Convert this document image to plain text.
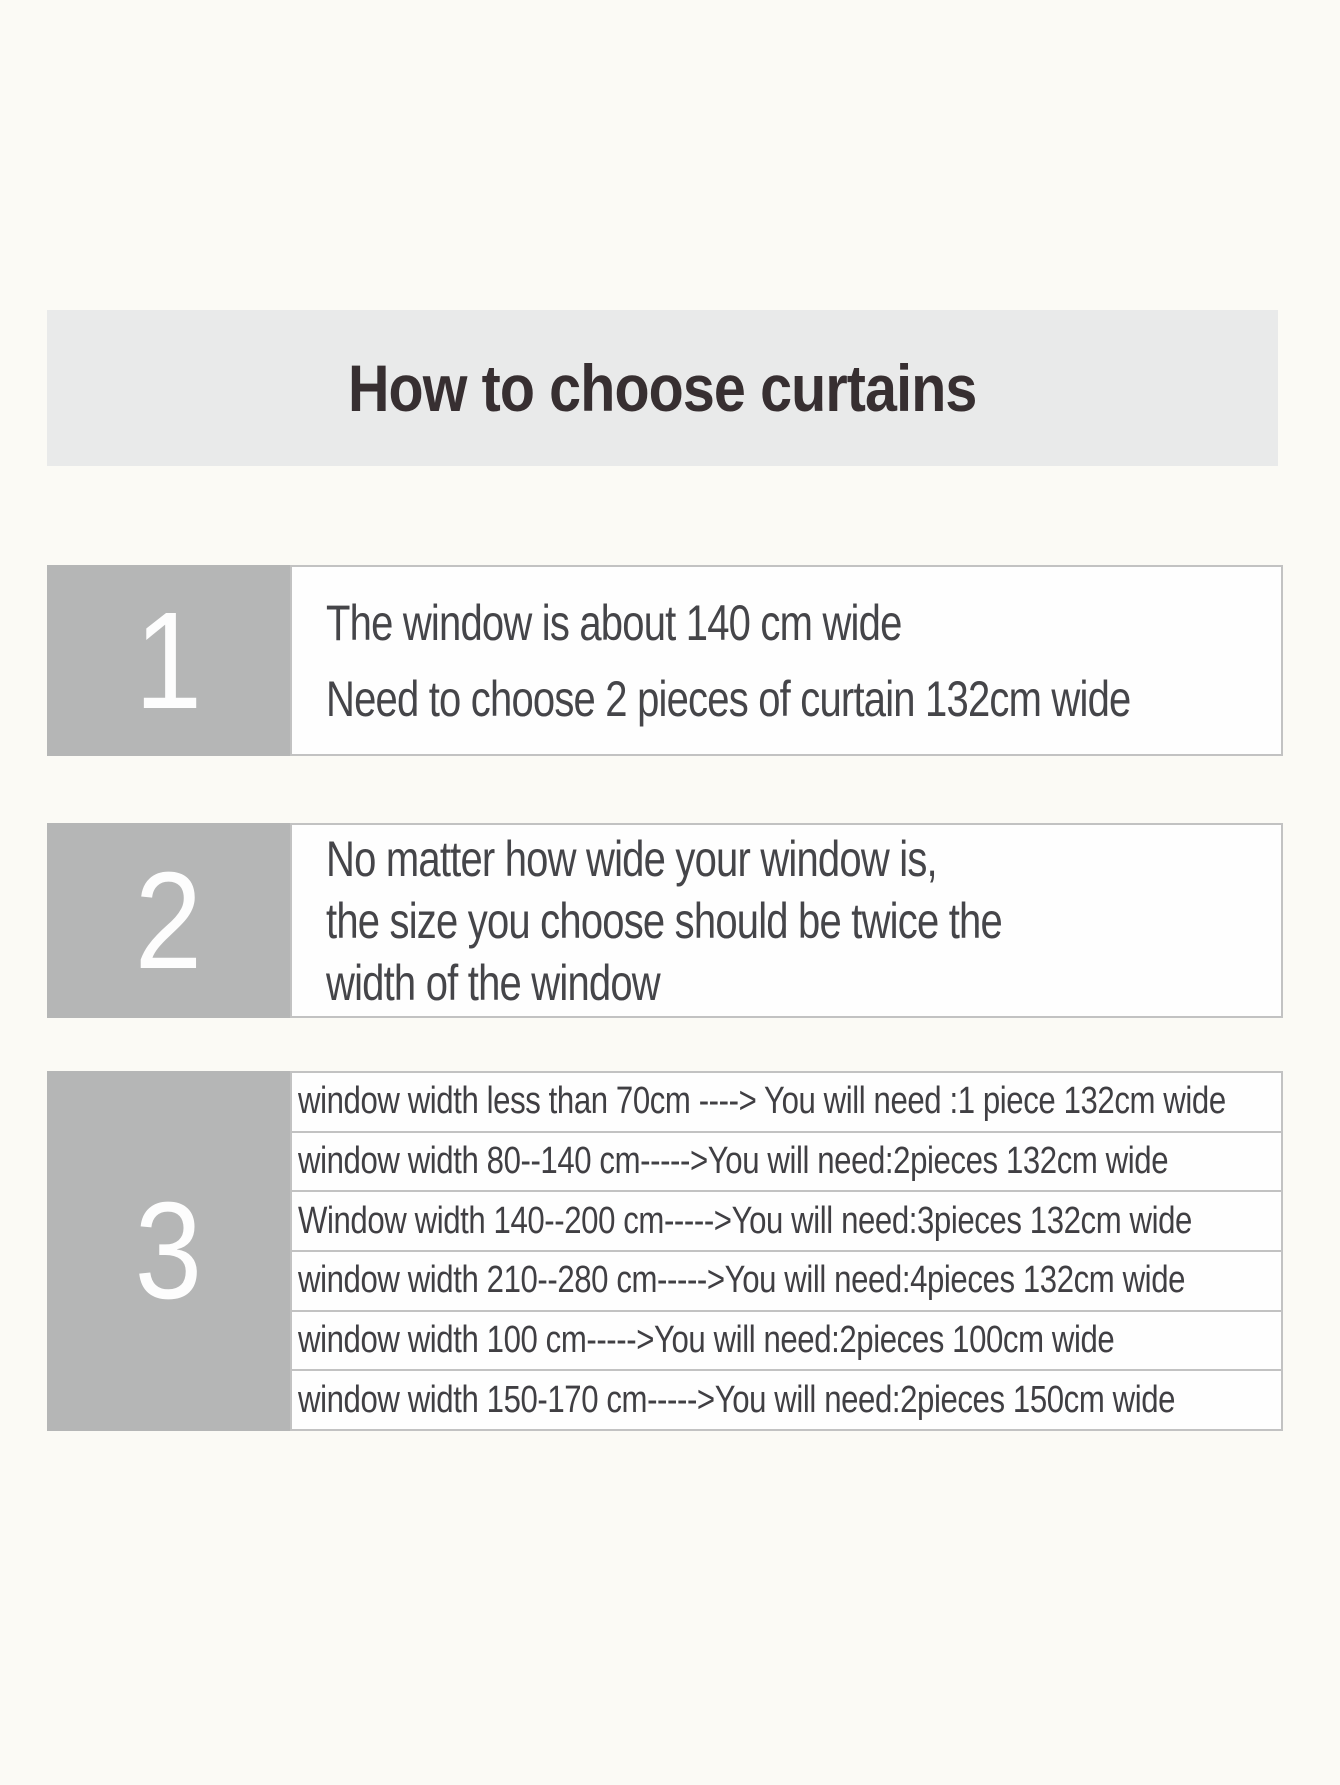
How to choose curtains
1 The window is about 140 cm wide
Need to choose 2 pieces of curtain 132cm wide
2 No matter how wide your window is,
the size you choose should be twice the
width of the window
3
window width less than 70cm ----> You will need :1 piece 132cm wide
window width 80--140 cm----->You will need:2pieces 132cm wide
Window width 140--200 cm----->You will need:3pieces 132cm wide
window width 210--280 cm----->You will need:4pieces 132cm wide
window width 100 cm----->You will need:2pieces 100cm wide
window width 150-170 cm----->You will need:2pieces 150cm wide
